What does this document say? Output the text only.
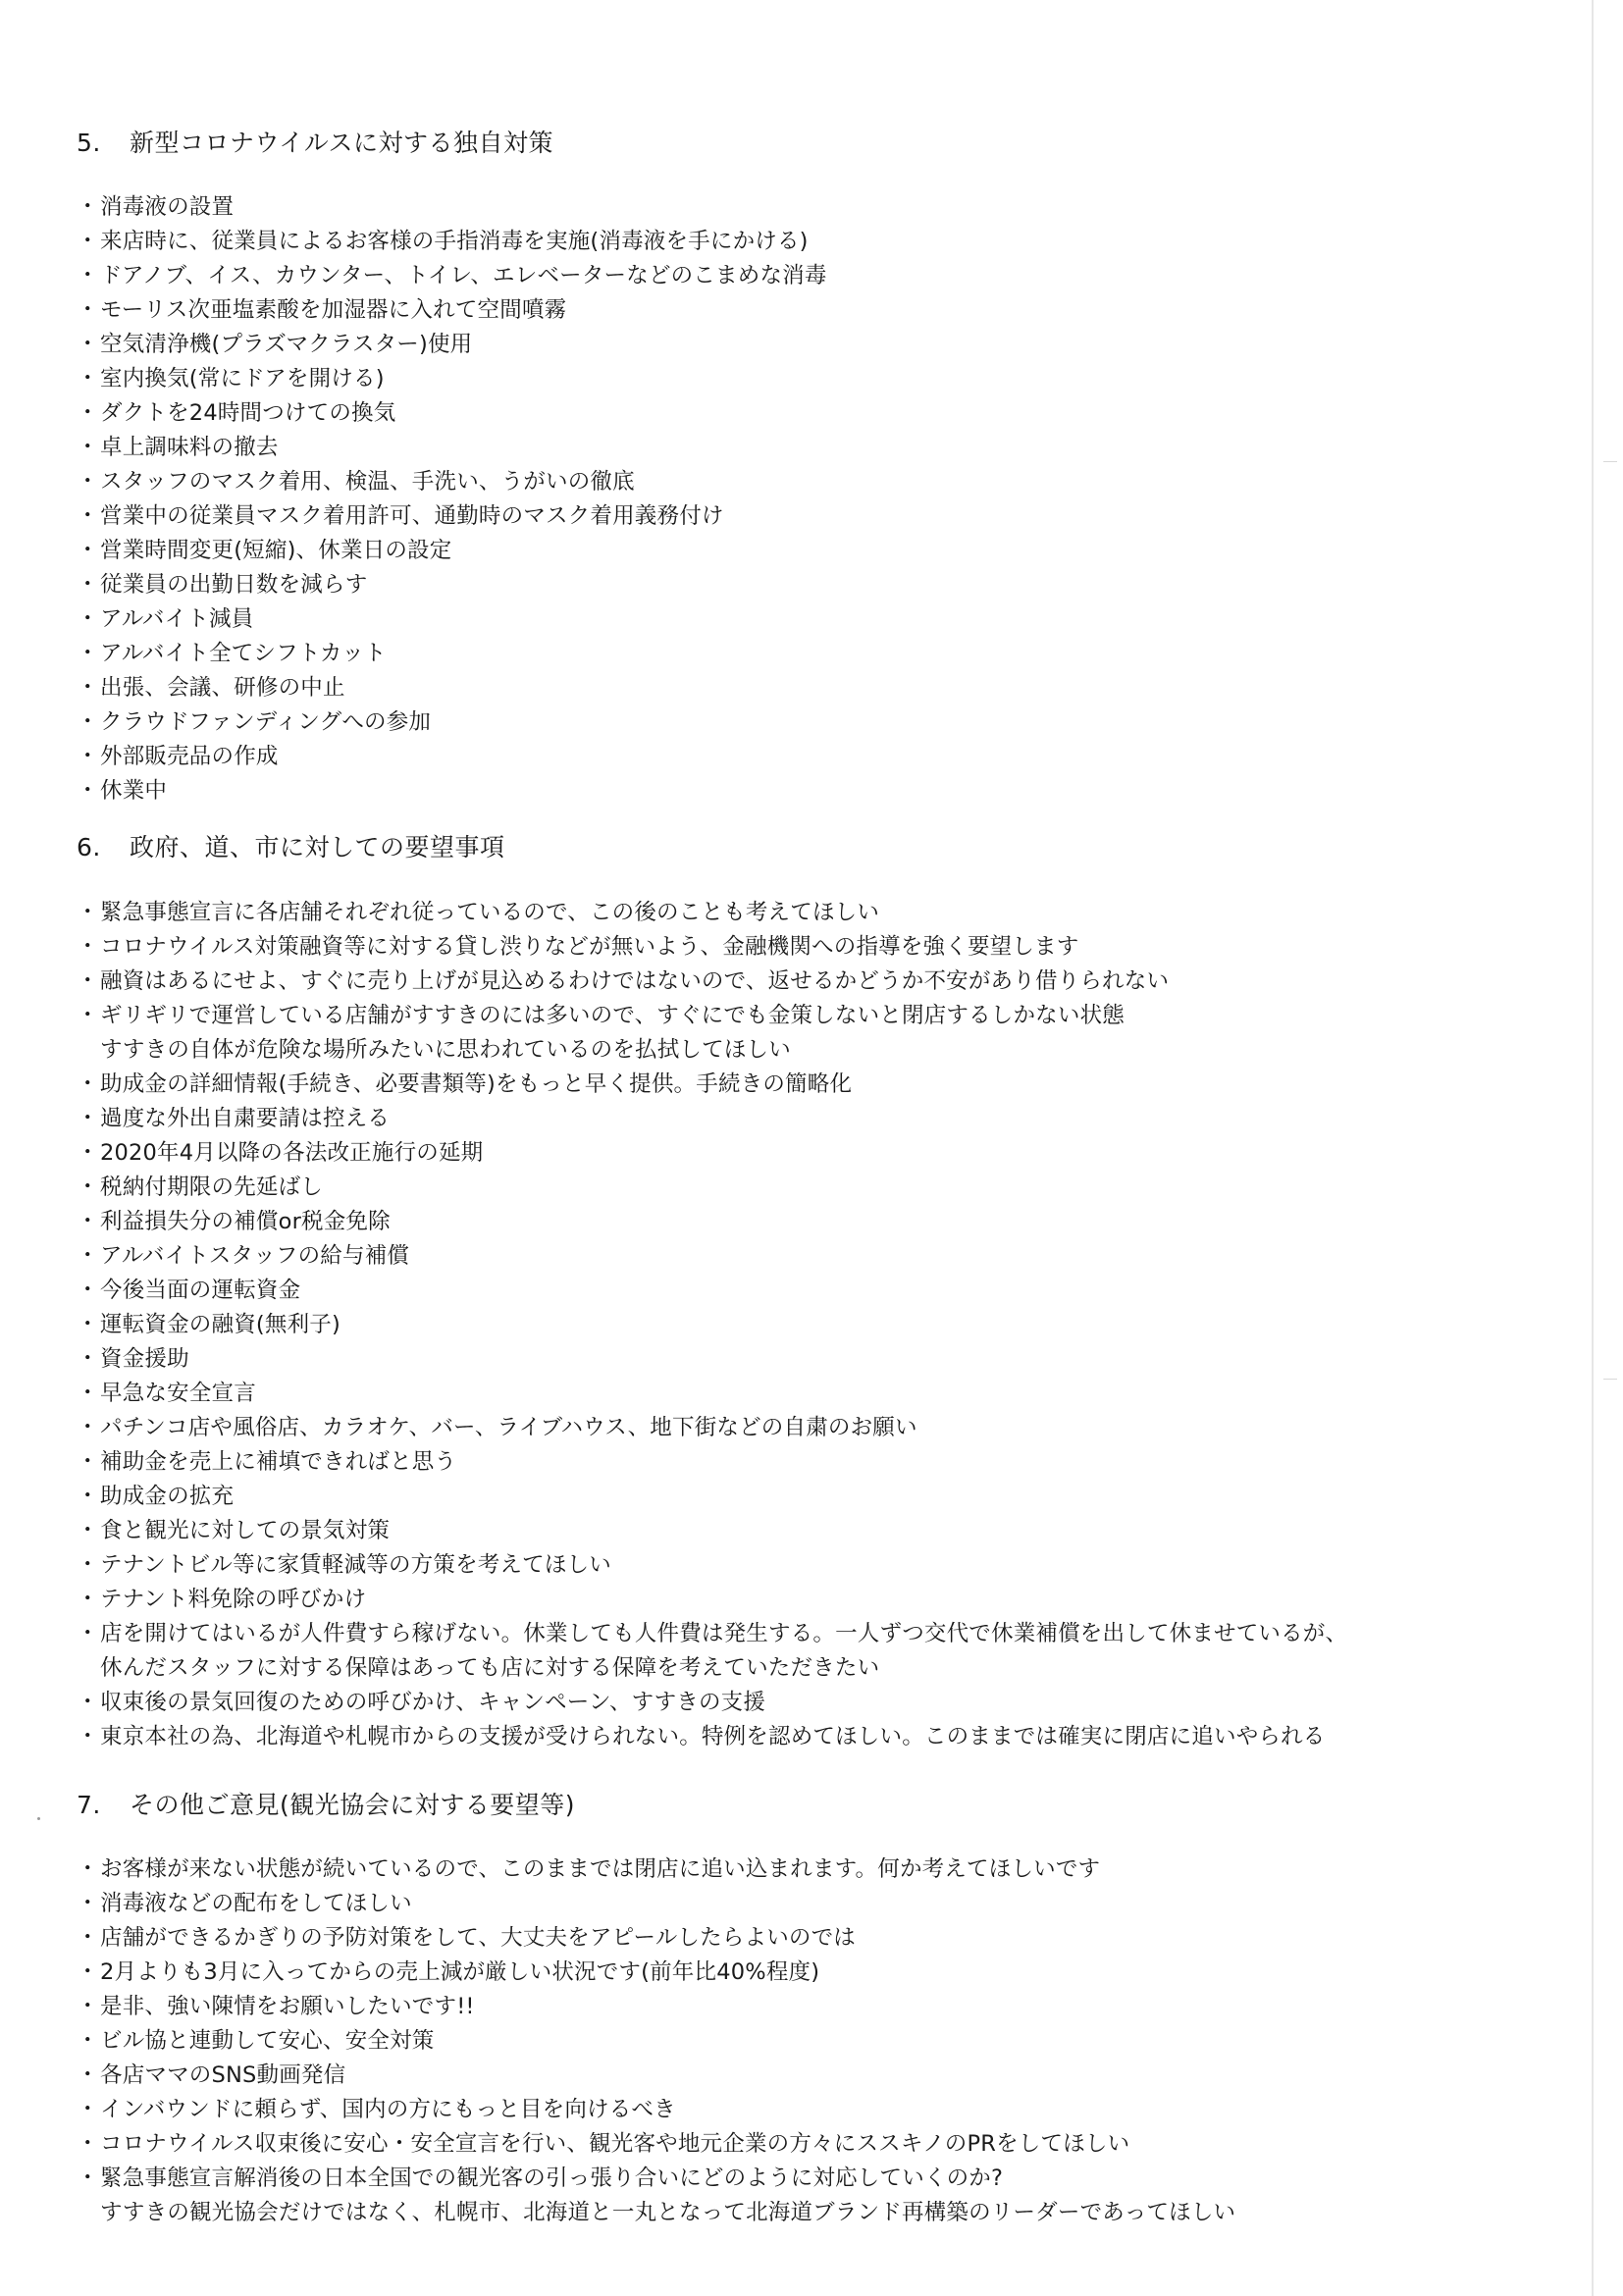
5. 新型コロナウイルスに対する独自対策
・ 消毒液の設置
・ 来店時に、従業員によるお客様の手指消毒を実施(消毒液を手にかける)
・ ドアノブ、イス、カウンター、トイレ、エレベーターなどのこまめな消毒
・ モーリス次亜塩素酸を加湿器に入れて空間噴霧
・ 空気清浄機(プラズマクラスター)使用
・ 室内換気(常にドアを開ける)
・ ダクトを24時間つけての換気
・ 卓上調味料の撤去
・ スタッフのマスク着用、検温、手洗い、うがいの徹底
・ 営業中の従業員マスク着用許可、通勤時のマスク着用義務付け
・ 営業時間変更(短縮)、休業日の設定
・ 従業員の出勤日数を減らす
・ アルバイト減員
・ アルバイト全てシフトカット
・ 出張、会議、研修の中止
・ クラウドファンディングへの参加
・ 外部販売品の作成
・ 休業中
6. 政府、道、市に対しての要望事項
・ 緊急事態宣言に各店舗それぞれ従っているので、この後のことも考えてほしい
・ コロナウイルス対策融資等に対する貸し渋りなどが無いよう、金融機関への指導を強く要望します
・ 融資はあるにせよ、すぐに売り上げが見込めるわけではないので、返せるかどうか不安があり借りられない
・ ギリギリで運営している店舗がすすきのには多いので、すぐにでも金策しないと閉店するしかない状態
すすきの自体が危険な場所みたいに思われているのを払拭してほしい
・ 助成金の詳細情報(手続き、必要書類等)をもっと早く提供。手続きの簡略化
・ 過度な外出自粛要請は控える
・ 2020年4月以降の各法改正施行の延期
・ 税納付期限の先延ばし
・ 利益損失分の補償or税金免除
・ アルバイトスタッフの給与補償
・ 今後当面の運転資金
・ 運転資金の融資(無利子)
・ 資金援助
・ 早急な安全宣言
・ パチンコ店や風俗店、カラオケ、バー、ライブハウス、地下街などの自粛のお願い
・ 補助金を売上に補填できればと思う
・ 助成金の拡充
・ 食と観光に対しての景気対策
・ テナントビル等に家賃軽減等の方策を考えてほしい
・ テナント料免除の呼びかけ
・ 店を開けてはいるが人件費すら稼げない。休業しても人件費は発生する。一人ずつ交代で休業補償を出して休ませているが、
休んだスタッフに対する保障はあっても店に対する保障を考えていただきたい
・ 収束後の景気回復のための呼びかけ、キャンペーン、すすきの支援
・ 東京本社の為、北海道や札幌市からの支援が受けられない。特例を認めてほしい。このままでは確実に閉店に追いやられる
7. その他ご意見(観光協会に対する要望等)
・ お客様が来ない状態が続いているので、このままでは閉店に追い込まれます。何か考えてほしいです
・ 消毒液などの配布をしてほしい
・ 店舗ができるかぎりの予防対策をして、大丈夫をアピールしたらよいのでは
・ 2月よりも3月に入ってからの売上減が厳しい状況です(前年比40%程度)
・ 是非、強い陳情をお願いしたいです!!
・ ビル協と連動して安心、安全対策
・ 各店ママのSNS動画発信
・ インバウンドに頼らず、国内の方にもっと目を向けるべき
・ コロナウイルス収束後に安心・安全宣言を行い、観光客や地元企業の方々にススキノのPRをしてほしい
・ 緊急事態宣言解消後の日本全国での観光客の引っ張り合いにどのように対応していくのか?
すすきの観光協会だけではなく、札幌市、北海道と一丸となって北海道ブランド再構築のリーダーであってほしい
